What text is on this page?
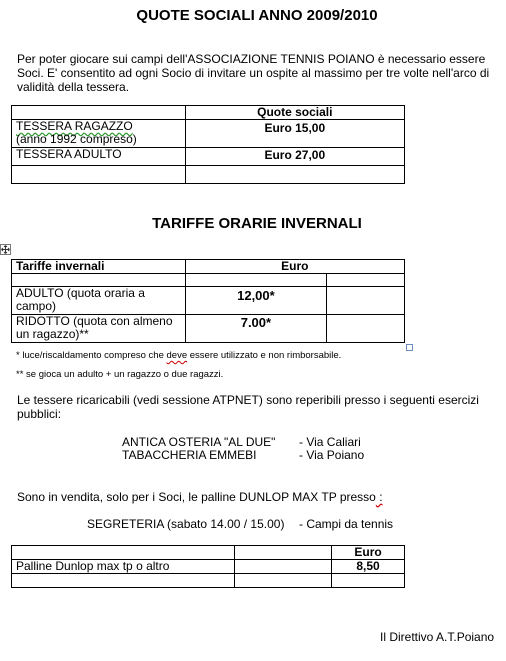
QUOTE SOCIALI ANNO 2009/2010
Per poter giocare sui campi dell'ASSOCIAZIONE TENNIS POIANO è necessario essere
Soci. E' consentito ad ogni Socio di invitare un ospite al massimo per tre volte nell'arco di
validità della tessera.
	Quote sociali

TESSERA RAGAZZO
(anno 1992 compreso)	Euro 15,00
TESSERA ADULTO	Euro 27,00

TARIFFE ORARIE INVERNALI
Tariffe invernali	Euro	

ADULTO (quota oraria a
campo)	12,00*	

RIDOTTO (quota con almeno
un ragazzo)**	7.00*	
* luce/riscaldamento compreso che deve essere utilizzato e non rimborsabile.
** se gioca un adulto + un ragazzo o due ragazzi.
Le tessere ricaricabili (vedi sessione ATPNET) sono reperibili presso i seguenti esercizi
pubblici:
ANTICA OSTERIA "AL DUE" - Via Caliari
TABACCHERIA EMMEBI	- Via Poiano
Sono in vendita, solo per i Soci, le palline DUNLOP MAX TP presso :
SEGRETERIA (sabato 14.00 / 15.00) - Campi da tennis
		Euro
Palline Dunlop max tp o altro		8,50

Il Direttivo A.T.Poiano
